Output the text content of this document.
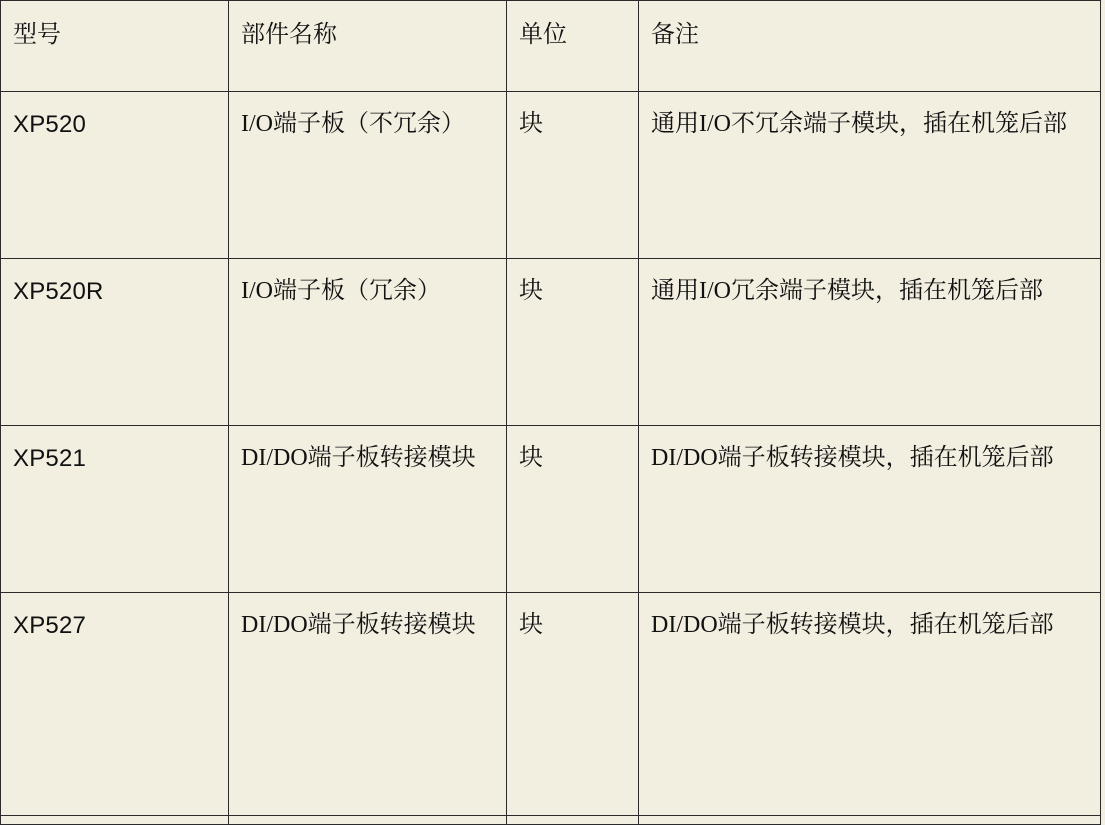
型号	部件名称	单位	备注
XP520	I/O端子板（不冗余）	块	通用I/O不冗余端子模块，插在机笼后部
XP520R	I/O端子板（冗余）	块	通用I/O冗余端子模块，插在机笼后部
XP521	DI/DO端子板转接模块	块	DI/DO端子板转接模块，插在机笼后部
XP527	DI/DO端子板转接模块	块	DI/DO端子板转接模块，插在机笼后部
